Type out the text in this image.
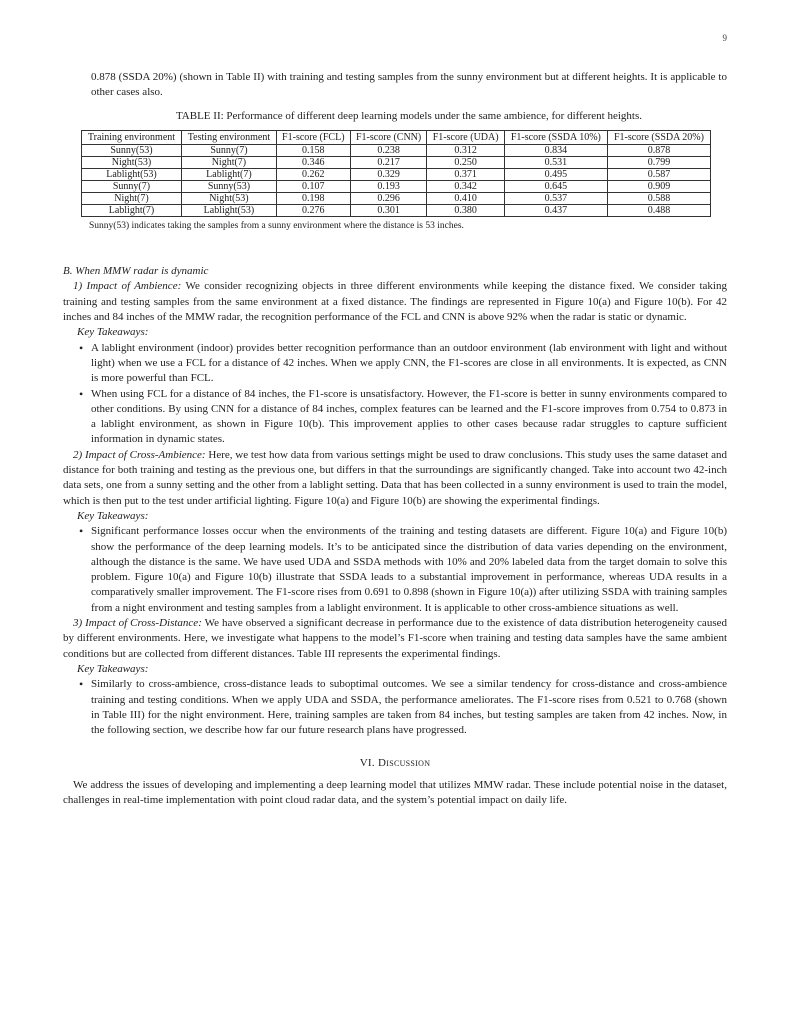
9

0.878 (SSDA 20%) (shown in Table II) with training and testing samples from the sunny environment but at different heights. It is applicable to other cases also.

TABLE II: Performance of different deep learning models under the same ambience, for different heights.
Training environment	Testing environment	F1-score (FCL)	F1-score (CNN)	F1-score (UDA)	F1-score (SSDA 10%)	F1-score (SSDA 20%)
Sunny(53)	Sunny(7)	0.158	0.238	0.312	0.834	0.878
Night(53)	Night(7)	0.346	0.217	0.250	0.531	0.799
Lablight(53)	Lablight(7)	0.262	0.329	0.371	0.495	0.587
Sunny(7)	Sunny(53)	0.107	0.193	0.342	0.645	0.909
Night(7)	Night(53)	0.198	0.296	0.410	0.537	0.588
Lablight(7)	Lablight(53)	0.276	0.301	0.380	0.437	0.488
Sunny(53) indicates taking the samples from a sunny environment where the distance is 53 inches.

B. When MMW radar is dynamic

1) Impact of Ambience: We consider recognizing objects in three different environments while keeping the distance fixed. We consider taking training and testing samples from the same environment at a fixed distance. The findings are represented in Figure 10(a) and Figure 10(b). For 42 inches and 84 inches of the MMW radar, the recognition performance of the FCL and CNN is above 92% when the radar is static or dynamic.

Key Takeaways:

• A lablight environment (indoor) provides better recognition performance than an outdoor environment (lab environment with light and without light) when we use a FCL for a distance of 42 inches. When we apply CNN, the F1-scores are close in all environments. It is expected, as CNN is more powerful than FCL.
• When using FCL for a distance of 84 inches, the F1-score is unsatisfactory. However, the F1-score is better in sunny environments compared to other conditions. By using CNN for a distance of 84 inches, complex features can be learned and the F1-score improves from 0.754 to 0.873 in a lablight environment, as shown in Figure 10(b). This improvement applies to other cases because radar struggles to capture sufficient information in dynamic states.

2) Impact of Cross-Ambience: Here, we test how data from various settings might be used to draw conclusions. This study uses the same dataset and distance for both training and testing as the previous one, but differs in that the surroundings are significantly changed. Take into account two 42-inch data sets, one from a sunny setting and the other from a lablight setting. Data that has been collected in a sunny environment is used to train the model, which is then put to the test under artificial lighting. Figure 10(a) and Figure 10(b) are showing the experimental findings.

Key Takeaways:

• Significant performance losses occur when the environments of the training and testing datasets are different. Figure 10(a) and Figure 10(b) show the performance of the deep learning models. It’s to be anticipated since the distribution of data varies depending on the environment, although the distance is the same. We have used UDA and SSDA methods with 10% and 20% labeled data from the target domain to solve this problem. Figure 10(a) and Figure 10(b) illustrate that SSDA leads to a substantial improvement in performance, whereas UDA results in a comparatively smaller improvement. The F1-score rises from 0.691 to 0.898 (shown in Figure 10(a)) after utilizing SSDA with training samples from a night environment and testing samples from a lablight environment. It is applicable to other cross-ambience situations as well.

3) Impact of Cross-Distance: We have observed a significant decrease in performance due to the existence of data distribution heterogeneity caused by different environments. Here, we investigate what happens to the model’s F1-score when training and testing data samples have the same ambient conditions but are collected from different distances. Table III represents the experimental findings.

Key Takeaways:

• Similarly to cross-ambience, cross-distance leads to suboptimal outcomes. We see a similar tendency for cross-distance and cross-ambience training and testing conditions. When we apply UDA and SSDA, the performance ameliorates. The F1-score rises from 0.521 to 0.768 (shown in Table III) for the night environment. Here, training samples are taken from 84 inches, but testing samples are taken from 42 inches. Now, in the following section, we describe how far our future research plans have progressed.

VI. Discussion

We address the issues of developing and implementing a deep learning model that utilizes MMW radar. These include potential noise in the dataset, challenges in real-time implementation with point cloud radar data, and the system’s potential impact on daily life.
